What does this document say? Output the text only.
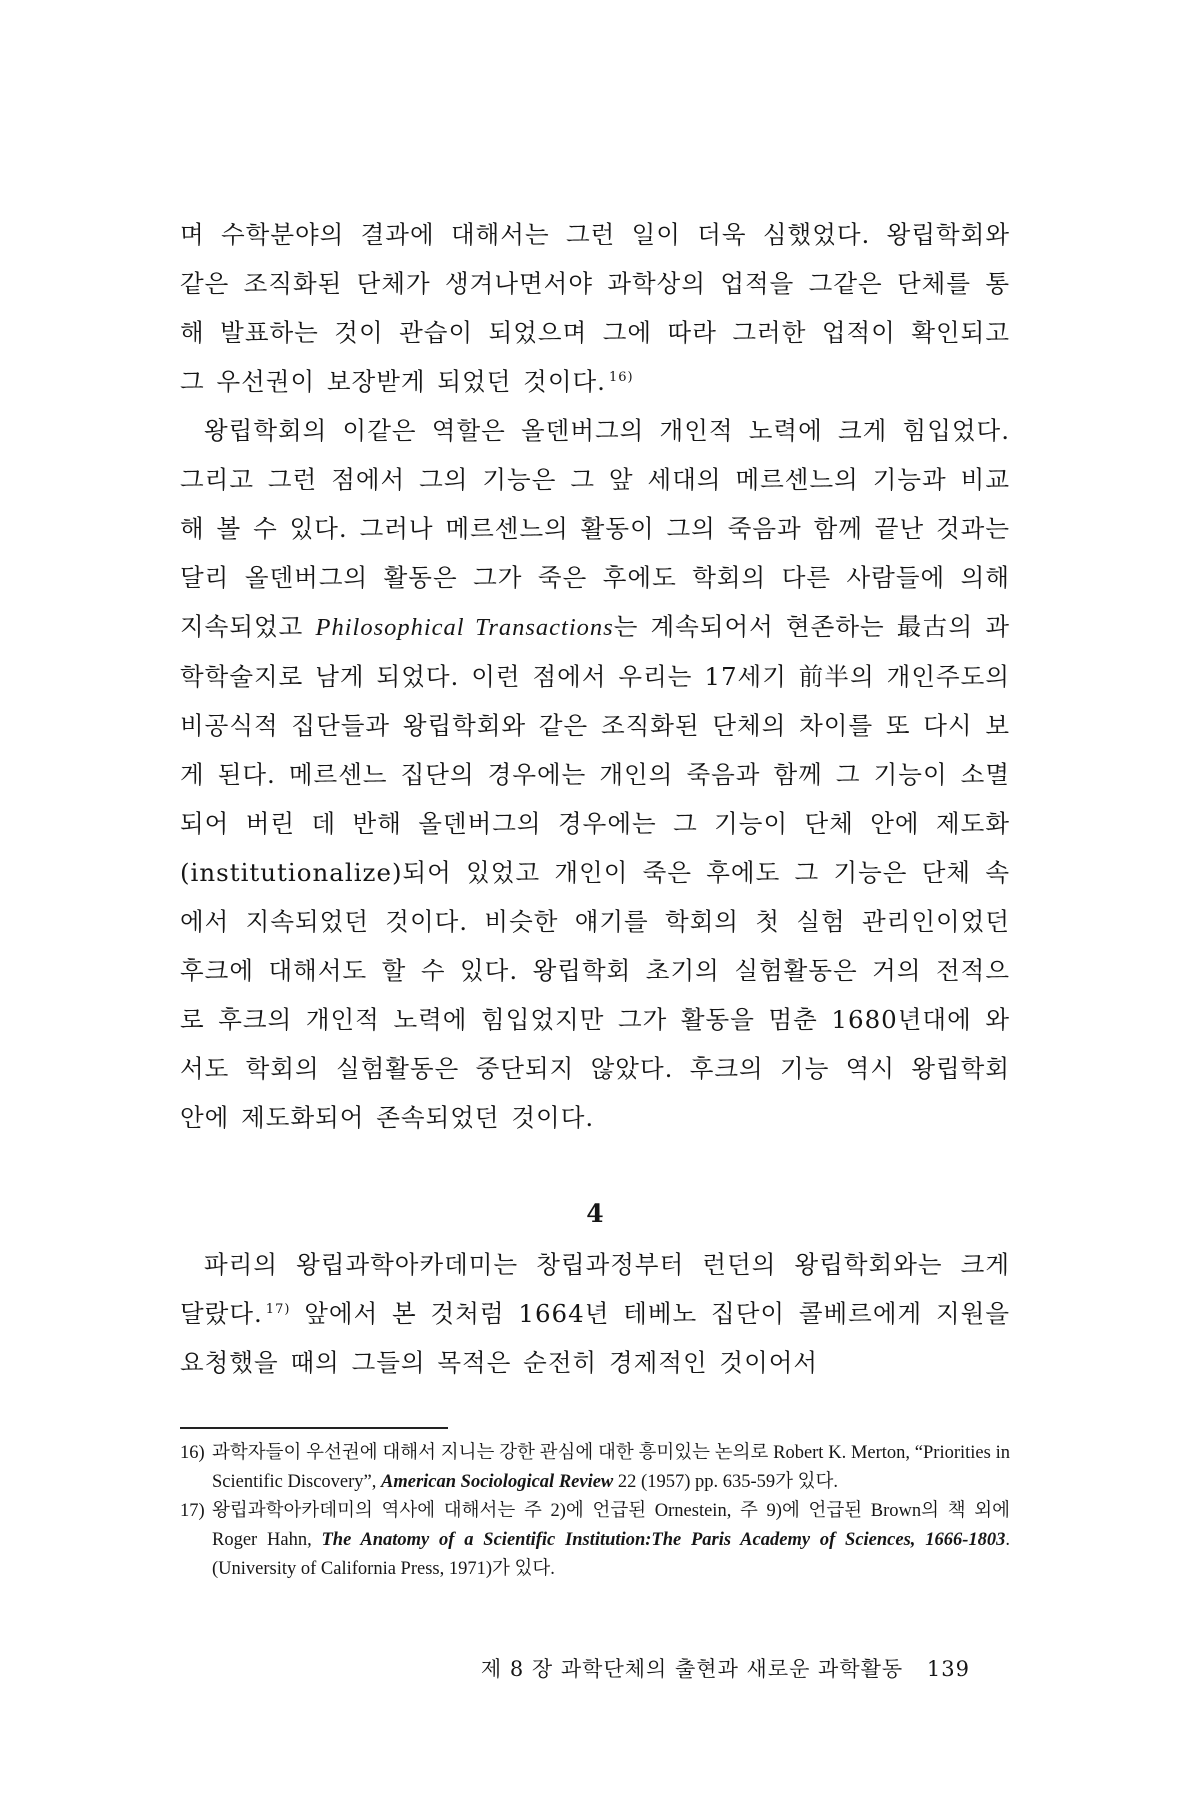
며 수학분야의 결과에 대해서는 그런 일이 더욱 심했었다. 왕립학회와 같은 조직화된 단체가 생겨나면서야 과학상의 업적을 그같은 단체를 통해 발표하는 것이 관습이 되었으며 그에 따라 그러한 업적이 확인되고 그 우선권이 보장받게 되었던 것이다. $^{16)}$

왕립학회의 이같은 역할은 올덴버그의 개인적 노력에 크게 힘입었다. 그리고 그런 점에서 그의 기능은 그 앞 세대의 메르센느의 기능과 비교해 볼 수 있다. 그러나 메르센느의 활동이 그의 죽음과 함께 끝난 것과는 달리 올덴버그의 활동은 그가 죽은 후에도 학회의 다른 사람들에 의해 지속되었고 Philosophical Transactions는 계속되어서 현존하는 最古의 과학학술지로 남게 되었다. 이런 점에서 우리는 17세기 前半의 개인주도의 비공식적 집단들과 왕립학회와 같은 조직화된 단체의 차이를 또 다시 보게 된다. 메르센느 집단의 경우에는 개인의 죽음과 함께 그 기능이 소멸되어 버린 데 반해 올덴버그의 경우에는 그 기능이 단체 안에 제도화(institutionalize)되어 있었고 개인이 죽은 후에도 그 기능은 단체 속에서 지속되었던 것이다. 비슷한 얘기를 학회의 첫 실험 관리인이었던 후크에 대해서도 할 수 있다. 왕립학회 초기의 실험활동은 거의 전적으로 후크의 개인적 노력에 힘입었지만 그가 활동을 멈춘 1680년대에 와서도 학회의 실험활동은 중단되지 않았다. 후크의 기능 역시 왕립학회 안에 제도화되어 존속되었던 것이다.

4

파리의 왕립과학아카데미는 창립과정부터 런던의 왕립학회와는 크게 달랐다. $^{17)}$ 앞에서 본 것처럼 1664년 테베노 집단이 콜베르에게 지원을 요청했을 때의 그들의 목적은 순전히 경제적인 것이어서

16) 과학자들이 우선권에 대해서 지니는 강한 관심에 대한 흥미있는 논의로 Robert K. Merton, “Priorities in Scientific Discovery”, American Sociological Review 22 (1957) pp. 635-59가 있다.
17) 왕립과학아카데미의 역사에 대해서는 주 2)에 언급된 Ornestein, 주 9)에 언급된 Brown의 책 외에 Roger Hahn, The Anatomy of a Scientific Institution:The Paris Academy of Sciences, 1666-1803. (University of California Press, 1971)가 있다.
제 8 장 과학단체의 출현과 새로운 과학활동 139
